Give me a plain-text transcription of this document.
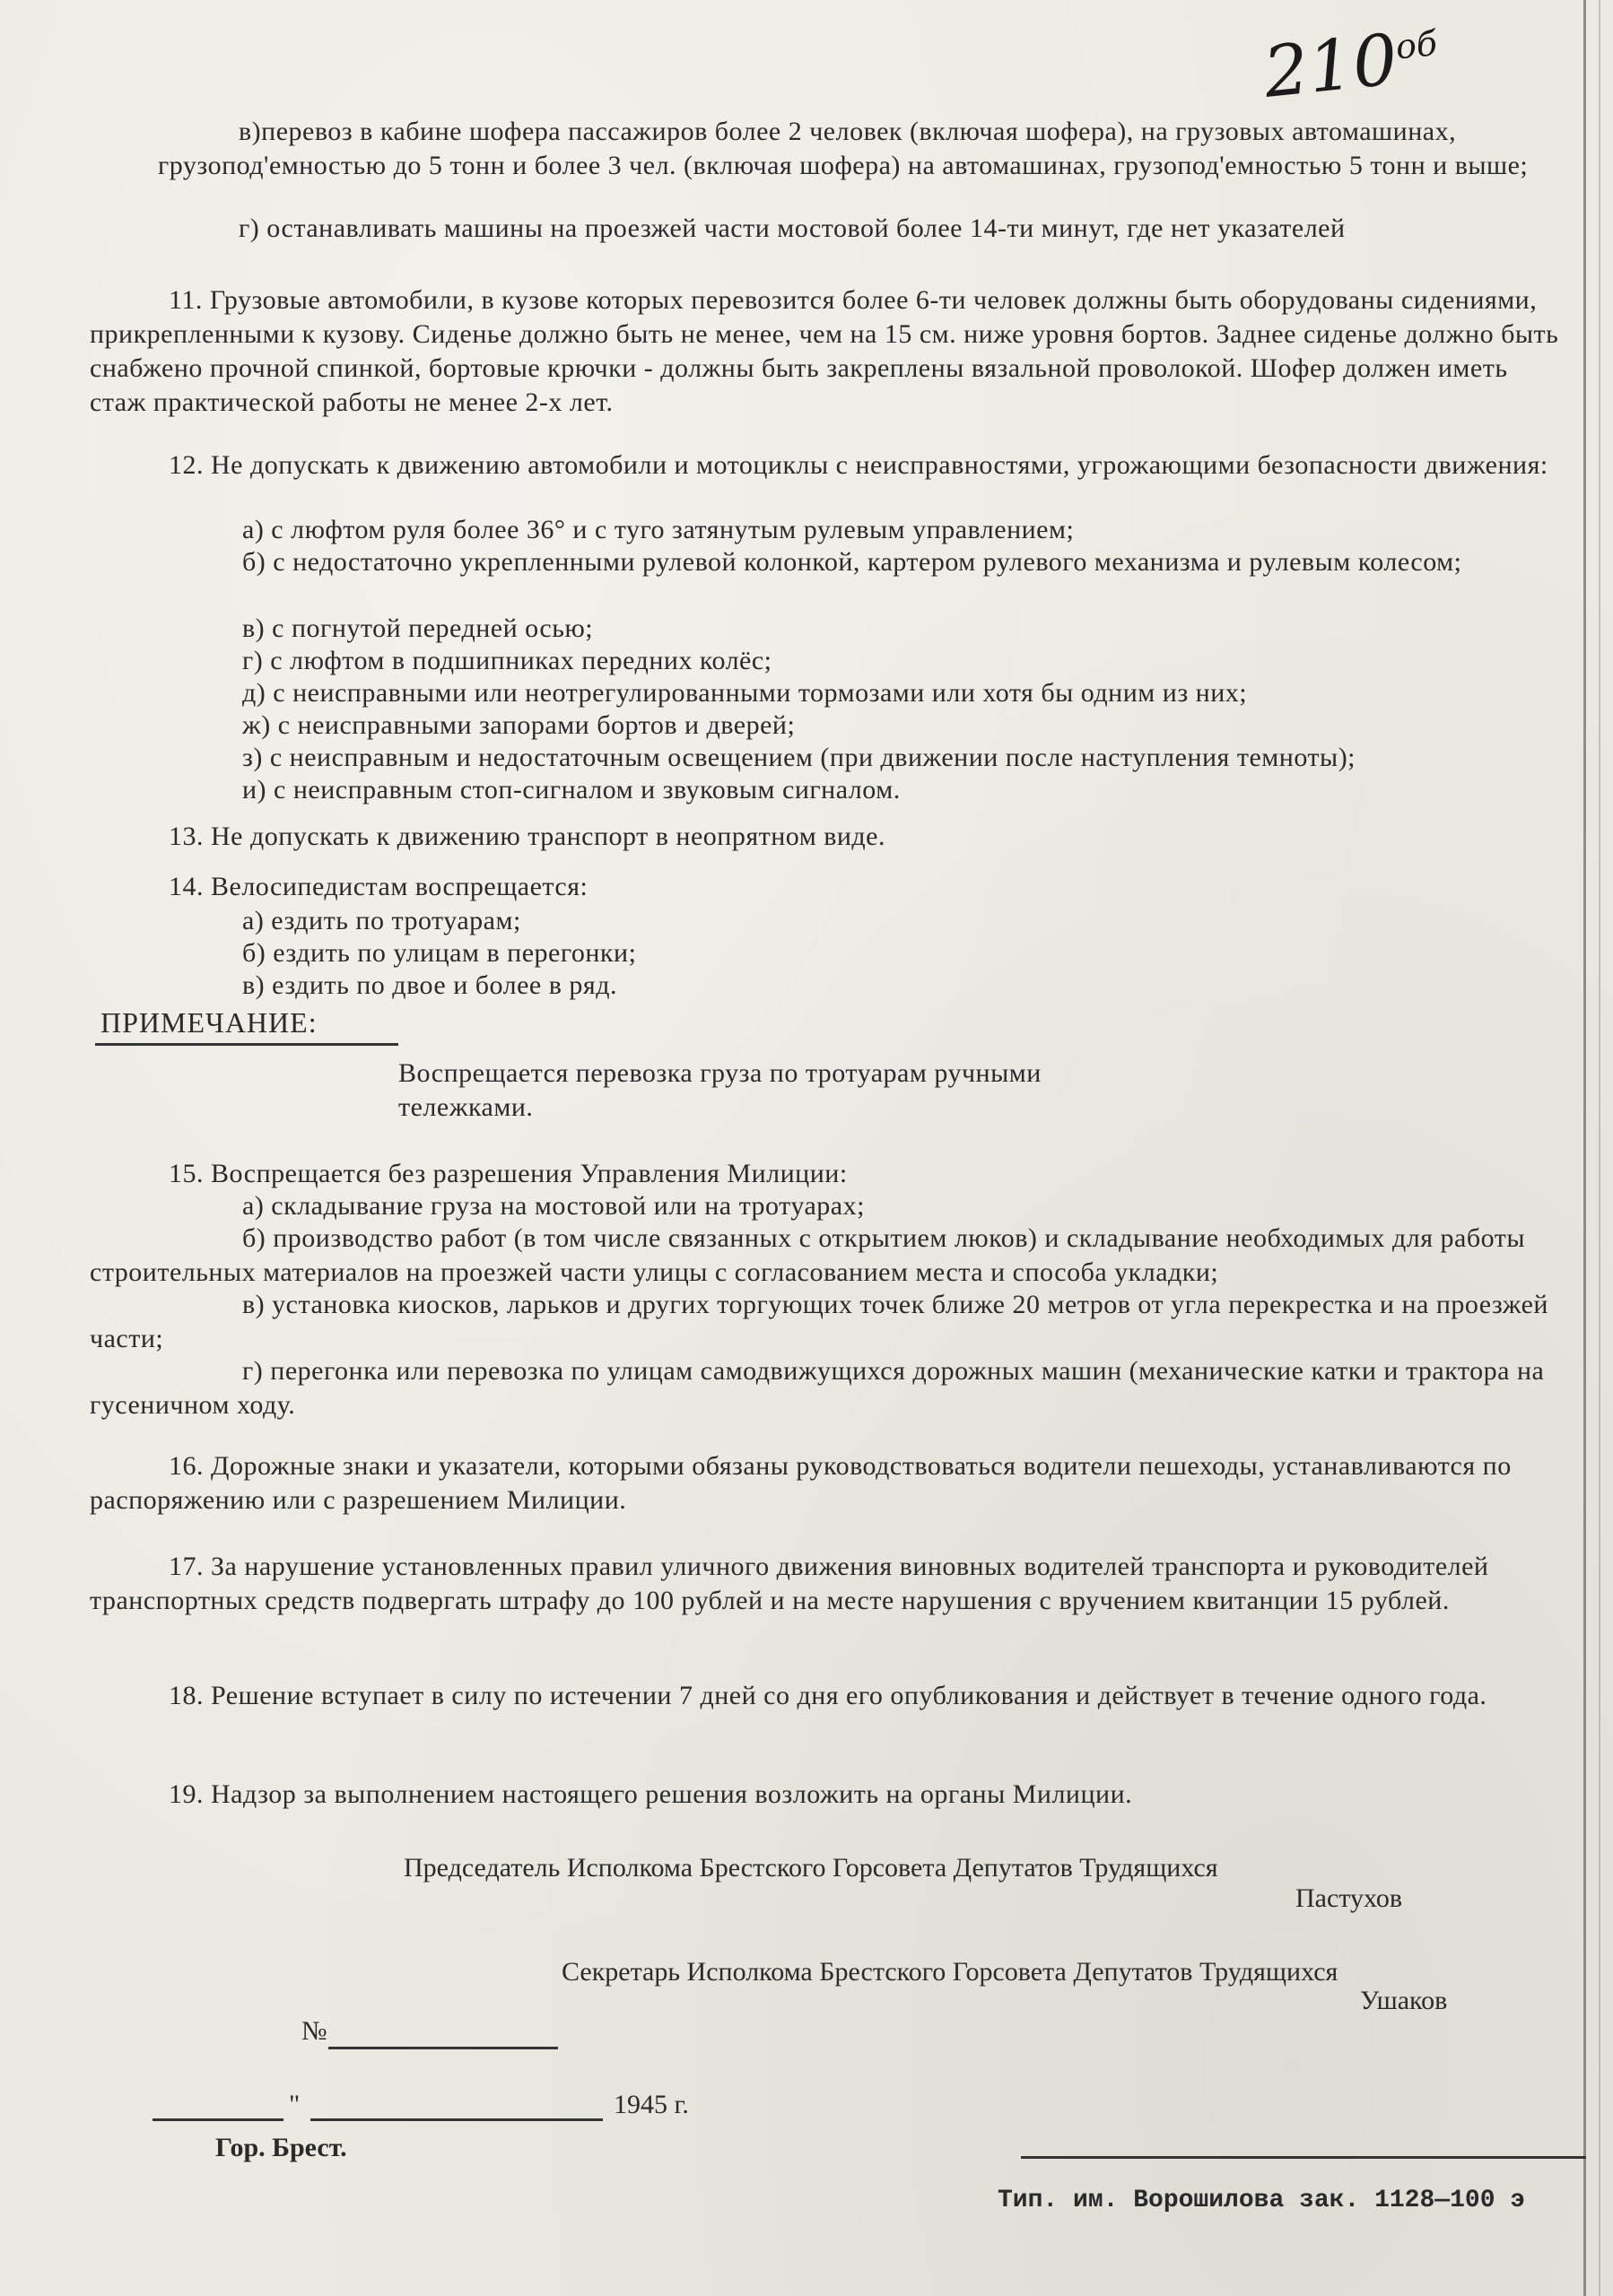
$210^{об}$
в)перевоз в кабине шофера пассажиров более 2 человек (включая шофера), на грузовых автомашинах, грузопод'емностью до 5 тонн и более 3 чел. (включая шофера) на автомашинах, грузопод'емностью 5 тонн и выше;
г) останавливать машины на проезжей части мостовой более 14-ти минут, где нет указателей
11. Грузовые автомобили, в кузове которых перевозится более 6-ти человек должны быть оборудованы сидениями, прикрепленными к кузову. Сиденье должно быть не менее, чем на 15 см. ниже уровня бортов. Заднее сиденье должно быть снабжено прочной спинкой, бортовые крючки - должны быть закреплены вязальной проволокой. Шофер должен иметь стаж практической работы не менее 2-х лет.
12. Не допускать к движению автомобили и мотоциклы с неисправностями, угрожающими безопасности движения:
а) с люфтом руля более 36° и с туго затянутым рулевым управлением;
б) с недостаточно укрепленными рулевой колонкой, картером рулевого механизма и рулевым колесом;
в) с погнутой передней осью;
г) с люфтом в подшипниках передних колёс;
д) с неисправными или неотрегулированными тормозами или хотя бы одним из них;
ж) с неисправными запорами бортов и дверей;
з) с неисправным и недостаточным освещением (при движении после наступления темноты);
и) с неисправным стоп-сигналом и звуковым сигналом.
13. Не допускать к движению транспорт в неопрятном виде.
14. Велосипедистам воспрещается:
а) ездить по тротуарам;
б) ездить по улицам в перегонки;
в) ездить по двое и более в ряд.
ПРИМЕЧАНИЕ:
Воспрещается перевозка груза по тротуарам ручными тележками.
15. Воспрещается без разрешения Управления Милиции:
а) складывание груза на мостовой или на тротуарах;
б) производство работ (в том числе связанных с открытием люков) и складывание необходимых для работы строительных материалов на проезжей части улицы с согласованием места и способа укладки;
в) установка киосков, ларьков и других торгующих точек ближе 20 метров от угла перекрестка и на проезжей части;
г) перегонка или перевозка по улицам самодвижущихся дорожных машин (механические катки и трактора на гусеничном ходу.
16. Дорожные знаки и указатели, которыми обязаны руководствоваться водители пешеходы, устанавливаются по распоряжению или с разрешением Милиции.
17. За нарушение установленных правил уличного движения виновных водителей транспорта и руководителей транспортных средств подвергать штрафу до 100 рублей и на месте нарушения с вручением квитанции 15 рублей.
18. Решение вступает в силу по истечении 7 дней со дня его опубликования и действует в течение одного года.
19. Надзор за выполнением настоящего решения возложить на органы Милиции.
Председатель Исполкома Брестского Горсовета Депутатов Трудящихся
Пастухов
Секретарь Исполкома Брестского Горсовета Депутатов Трудящихся
Ушаков
№
"	1945 г.
Гор. Брест.
Тип. им. Ворошилова зак. 1128—100 э
